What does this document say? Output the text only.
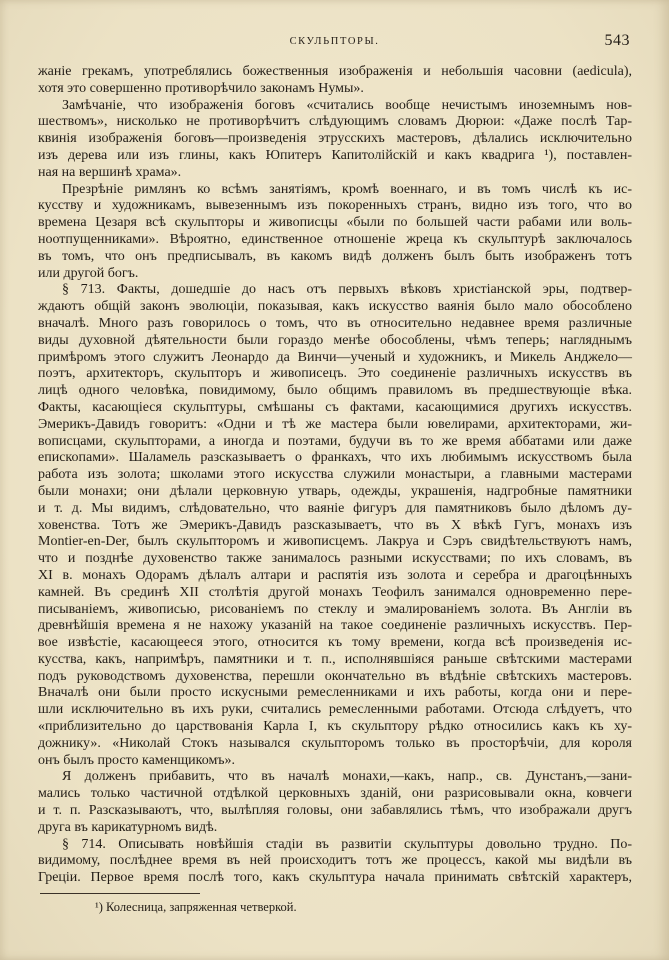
СКУЛЬПТОРЫ.	543
жаніе грекамъ, употреблялись божественныя изображенія и небольшія часовни (aedicula),
хотя это совершенно противорѣчило законамъ Нумы».
Замѣчаніе, что изображенія боговъ «считались вообще нечистымъ иноземнымъ нов-
шествомъ», нисколько не противорѣчитъ слѣдующимъ словамъ Дюрюи: «Даже послѣ Тар-
квинія изображенія боговъ—произведенія этрусскихъ мастеровъ, дѣлались исключительно
изъ дерева или изъ глины, какъ Юпитеръ Капитолійскій и какъ квадрига ¹), поставлен-
ная на вершинѣ храма».
Презрѣніе римлянъ ко всѣмъ занятіямъ, кромѣ военнаго, и въ томъ числѣ къ ис-
кусству и художникамъ, вывезеннымъ изъ покоренныхъ странъ, видно изъ того, что во
времена Цезаря всѣ скульпторы и живописцы «были по большей части рабами или воль-
ноотпущенниками». Вѣроятно, единственное отношеніе жреца къ скульптурѣ заключалось
въ томъ, что онъ предписывалъ, въ какомъ видѣ долженъ былъ быть изображенъ тотъ
или другой богъ.
§ 713. Факты, дошедшіе до насъ отъ первыхъ вѣковъ христіанской эры, подтвер-
ждаютъ общій законъ эволюціи, показывая, какъ искусство ваянія было мало обособлено
вначалѣ. Много разъ говорилось о томъ, что въ относительно недавнее время различные
виды духовной дѣятельности были гораздо менѣе обособлены, чѣмъ теперь; нагляднымъ
примѣромъ этого служитъ Леонардо да Винчи—ученый и художникъ, и Микель Анджело—
поэтъ, архитекторъ, скульпторъ и живописецъ. Это соединеніе различныхъ искусствъ въ
лицѣ одного человѣка, повидимому, было общимъ правиломъ въ предшествующіе вѣка.
Факты, касающіеся скульптуры, смѣшаны съ фактами, касающимися другихъ искусствъ.
Эмерикъ-Давидъ говоритъ: «Одни и тѣ же мастера были ювелирами, архитекторами, жи-
вописцами, скульпторами, а иногда и поэтами, будучи въ то же время аббатами или даже
епископами». Шаламель разсказываетъ о франкахъ, что ихъ любимымъ искусствомъ была
работа изъ золота; школами этого искусства служили монастыри, а главными мастерами
были монахи; они дѣлали церковную утварь, одежды, украшенія, надгробные памятники
и т. д. Мы видимъ, слѣдовательно, что ваяніе фигуръ для памятниковъ было дѣломъ ду-
ховенства. Тотъ же Эмерикъ-Давидъ разсказываетъ, что въ X вѣкѣ Гугъ, монахъ изъ
Montier-en-Der, былъ скульпторомъ и живописцемъ. Лакруа и Сэръ свидѣтельствуютъ намъ,
что и позднѣе духовенство также занималось разными искусствами; по ихъ словамъ, въ
XI в. монахъ Одорамъ дѣлалъ алтари и распятія изъ золота и серебра и драгоцѣнныхъ
камней. Въ срединѣ XII столѣтія другой монахъ Теофилъ занимался одновременно пере-
писываніемъ, живописью, рисованіемъ по стеклу и эмалированіемъ золота. Въ Англіи въ
древнѣйшія времена я не нахожу указаній на такое соединеніе различныхъ искусствъ. Пер-
вое извѣстіе, касающееся этого, относится къ тому времени, когда всѣ произведенія ис-
кусства, какъ, напримѣръ, памятники и т. п., исполнявшіяся раньше свѣтскими мастерами
подъ руководствомъ духовенства, перешли окончательно въ вѣдѣніе свѣтскихъ мастеровъ.
Вначалѣ они были просто искусными ремесленниками и ихъ работы, когда они и пере-
шли исключительно въ ихъ руки, считались ремесленными работами. Отсюда слѣдуетъ, что
«приблизительно до царствованія Карла I, къ скульптору рѣдко относились какъ къ ху-
дожнику». «Николай Стокъ назывался скульпторомъ только въ просторѣчіи, для короля
онъ былъ просто каменщикомъ».
Я долженъ прибавить, что въ началѣ монахи,—какъ, напр., св. Дунстанъ,—зани-
мались только частичной отдѣлкой церковныхъ зданій, они разрисовывали окна, ковчеги
и т. п. Разсказываютъ, что, вылѣпляя головы, они забавлялись тѣмъ, что изображали другъ
друга въ карикатурномъ видѣ.
§ 714. Описывать новѣйшія стадіи въ развитіи скульптуры довольно трудно. По-
видимому, послѣднее время въ ней происходитъ тотъ же процессъ, какой мы видѣли въ
Греціи. Первое время послѣ того, какъ скульптура начала принимать свѣтскій характеръ,
¹) Колесница, запряженная четверкой.
